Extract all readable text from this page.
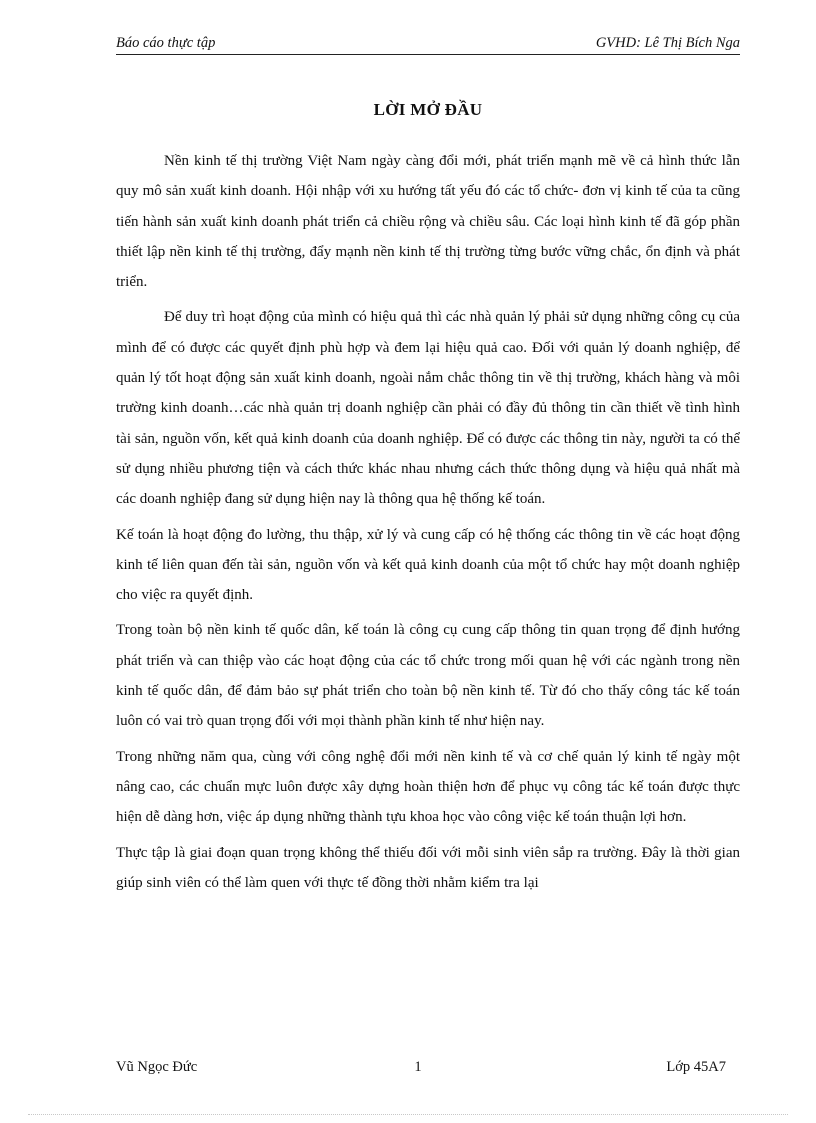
Báo cáo thực tập	GVHD: Lê Thị Bích Nga
LỜI MỞ ĐẦU

Nền kinh tế thị trường Việt Nam ngày càng đổi mới, phát triển mạnh mẽ về cả hình thức lẫn quy mô sản xuất kinh doanh. Hội nhập với xu hướng tất yếu đó các tổ chức- đơn vị kinh tế của ta cũng tiến hành sản xuất kinh doanh phát triển cả chiều rộng và chiều sâu. Các loại hình kinh tế đã góp phần thiết lập nền kinh tế thị trường, đẩy mạnh nền kinh tế thị trường từng bước vững chắc, ổn định và phát triển.

Để duy trì hoạt động của mình có hiệu quả thì các nhà quản lý phải sử dụng những công cụ của mình để có được các quyết định phù hợp và đem lại hiệu quả cao. Đối với quản lý doanh nghiệp, để quản lý tốt hoạt động sản xuất kinh doanh, ngoài nắm chắc thông tin về thị trường, khách hàng và môi trường kinh doanh…các nhà quản trị doanh nghiệp cần phải có đầy đủ thông tin cần thiết về tình hình tài sản, nguồn vốn, kết quả kinh doanh của doanh nghiệp. Để có được các thông tin này, người ta có thể sử dụng nhiều phương tiện và cách thức khác nhau nhưng cách thức thông dụng và hiệu quả nhất mà các doanh nghiệp đang sử dụng hiện nay là thông qua hệ thống kế toán.

Kế toán là hoạt động đo lường, thu thập, xử lý và cung cấp có hệ thống các thông tin về các hoạt động kinh tế liên quan đến tài sản, nguồn vốn và kết quả kinh doanh của một tổ chức hay một doanh nghiệp cho việc ra quyết định.

Trong toàn bộ nền kinh tế quốc dân, kế toán là công cụ cung cấp thông tin quan trọng để định hướng phát triển và can thiệp vào các hoạt động của các tổ chức trong mối quan hệ với các ngành trong nền kinh tế quốc dân, để đảm bảo sự phát triển cho toàn bộ nền kinh tế. Từ đó cho thấy công tác kế toán luôn có vai trò quan trọng đối với mọi thành phần kinh tế như hiện nay.

Trong những năm qua, cùng với công nghệ đổi mới nền kinh tế và cơ chế quản lý kinh tế ngày một nâng cao, các chuẩn mực luôn được xây dựng hoàn thiện hơn để phục vụ công tác kế toán được thực hiện dễ dàng hơn, việc áp dụng những thành tựu khoa học vào công việc kế toán thuận lợi hơn.

Thực tập là giai đoạn quan trọng không thể thiếu đối với mỗi sinh viên sắp ra trường. Đây là thời gian giúp sinh viên có thể làm quen với thực tế đồng thời nhằm kiểm tra lại

Vũ Ngọc Đức	1	Lớp 45A7
